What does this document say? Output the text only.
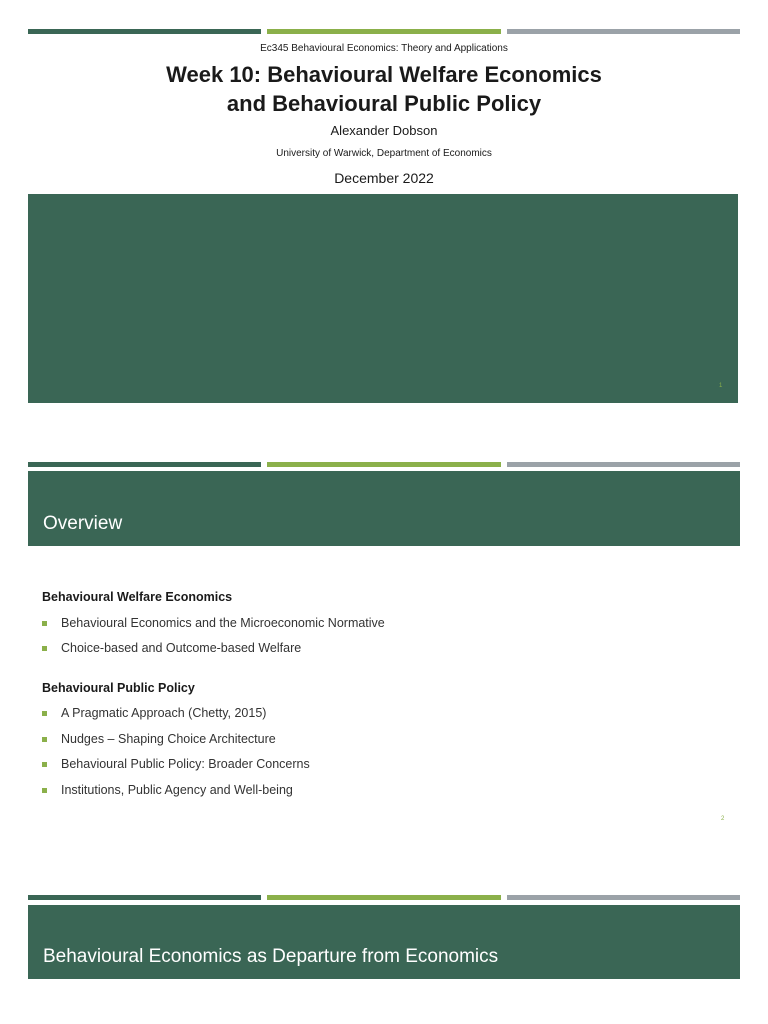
Ec345 Behavioural Economics: Theory and Applications
Week 10: Behavioural Welfare Economics
and Behavioural Public Policy
Alexander Dobson
University of Warwick, Department of Economics
December 2022
1
Overview
Behavioural Welfare Economics
Behavioural Economics and the Microeconomic Normative
Choice-based and Outcome-based Welfare
Behavioural Public Policy
A Pragmatic Approach (Chetty, 2015)
Nudges – Shaping Choice Architecture
Behavioural Public Policy: Broader Concerns
Institutions, Public Agency and Well-being
2
Behavioural Economics as Departure from Economics
